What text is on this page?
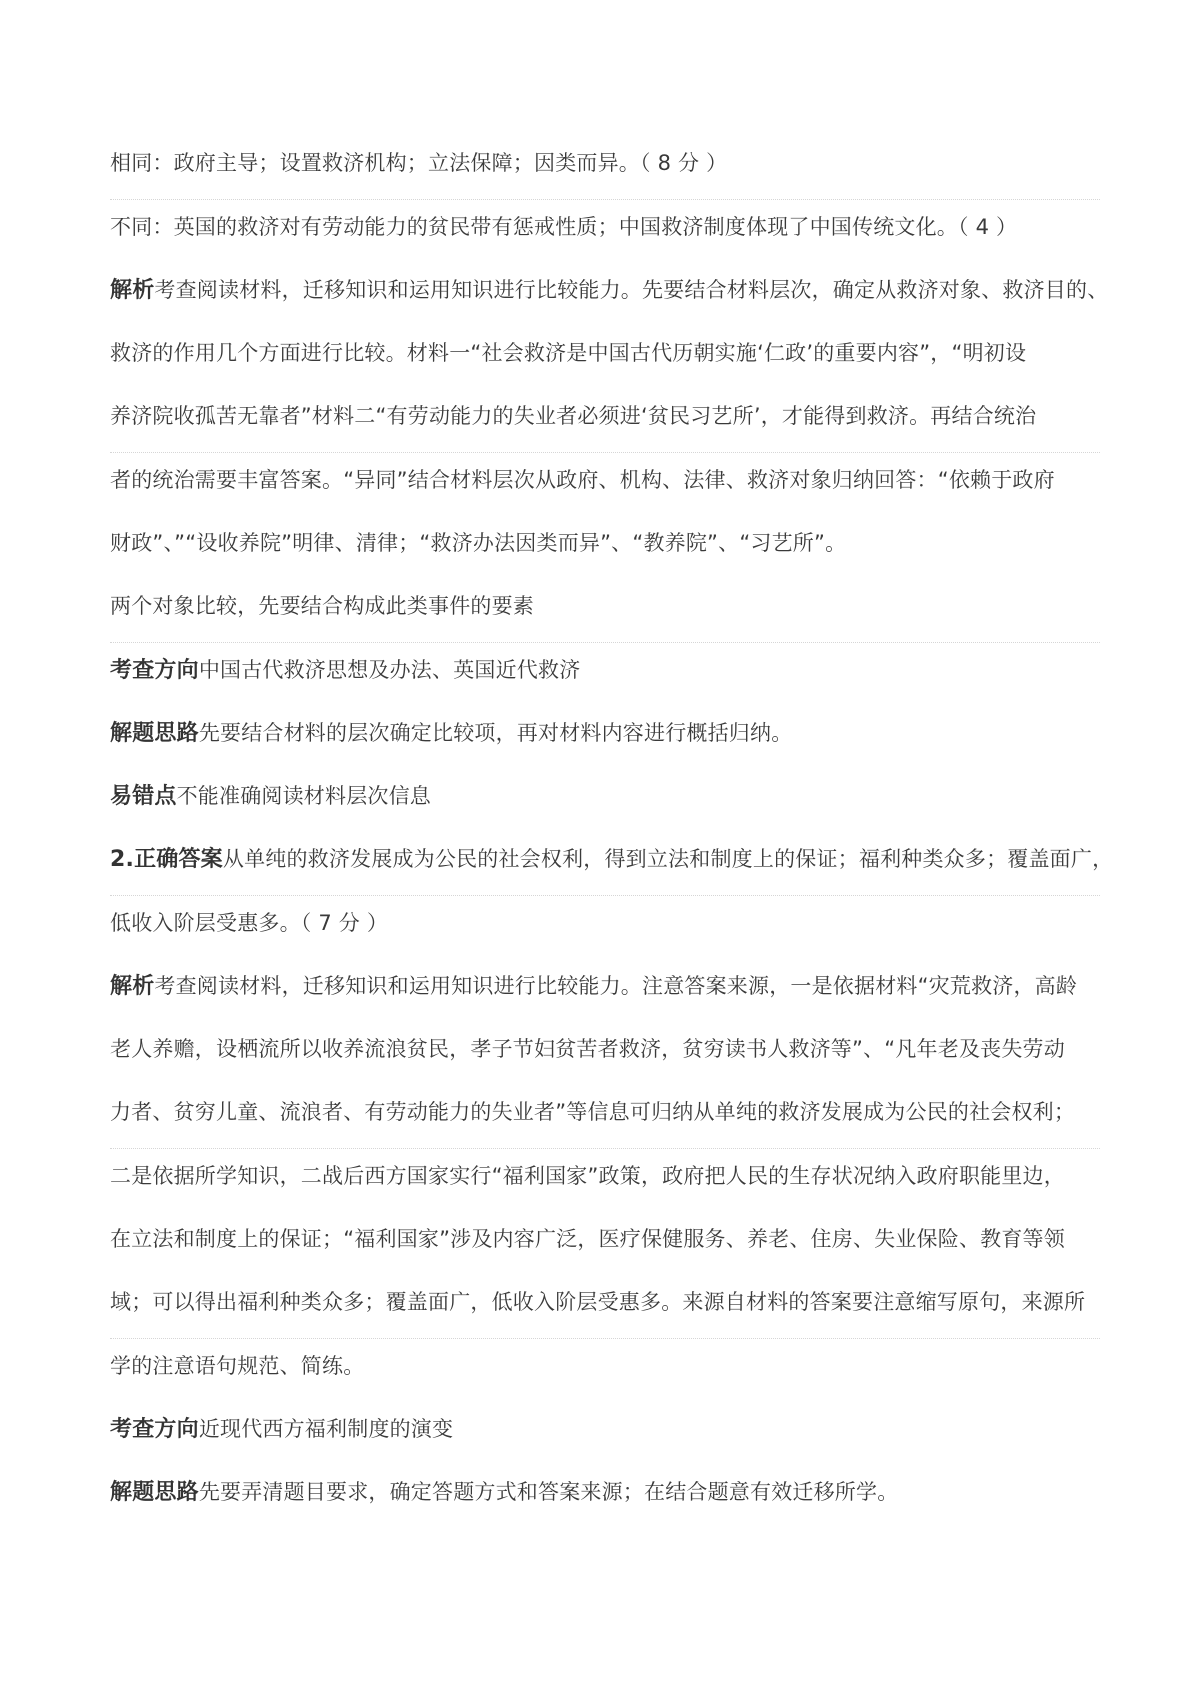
相同：政府主导；设置救济机构；立法保障；因类而异。（ 8 分 ）
不同：英国的救济对有劳动能力的贫民带有惩戒性质；中国救济制度体现了中国传统文化。（ 4 ）
解析考查阅读材料，迁移知识和运用知识进行比较能力。先要结合材料层次，确定从救济对象、救济目的、
救济的作用几个方面进行比较。材料一“社会救济是中国古代历朝实施‘仁政’的重要内容”，“明初设
养济院收孤苦无靠者”材料二“有劳动能力的失业者必须进‘贫民习艺所’，才能得到救济。再结合统治
者的统治需要丰富答案。“异同”结合材料层次从政府、机构、法律、救济对象归纳回答：“依赖于政府
财政”、”“设收养院”明律、清律；“救济办法因类而异”、“教养院”、“习艺所”。
两个对象比较，先要结合构成此类事件的要素
考查方向中国古代救济思想及办法、英国近代救济
解题思路先要结合材料的层次确定比较项，再对材料内容进行概括归纳。
易错点不能准确阅读材料层次信息
2.正确答案从单纯的救济发展成为公民的社会权利，得到立法和制度上的保证；福利种类众多；覆盖面广，
低收入阶层受惠多。（ 7 分 ）
解析考查阅读材料，迁移知识和运用知识进行比较能力。注意答案来源，一是依据材料“灾荒救济，高龄
老人养赡，设栖流所以收养流浪贫民，孝子节妇贫苦者救济，贫穷读书人救济等”、“凡年老及丧失劳动
力者、贫穷儿童、流浪者、有劳动能力的失业者”等信息可归纳从单纯的救济发展成为公民的社会权利；
二是依据所学知识，二战后西方国家实行“福利国家”政策，政府把人民的生存状况纳入政府职能里边，
在立法和制度上的保证；“福利国家”涉及内容广泛，医疗保健服务、养老、住房、失业保险、教育等领
域；可以得出福利种类众多；覆盖面广，低收入阶层受惠多。来源自材料的答案要注意缩写原句，来源所
学的注意语句规范、简练。
考查方向近现代西方福利制度的演变
解题思路先要弄清题目要求，确定答题方式和答案来源；在结合题意有效迁移所学。
